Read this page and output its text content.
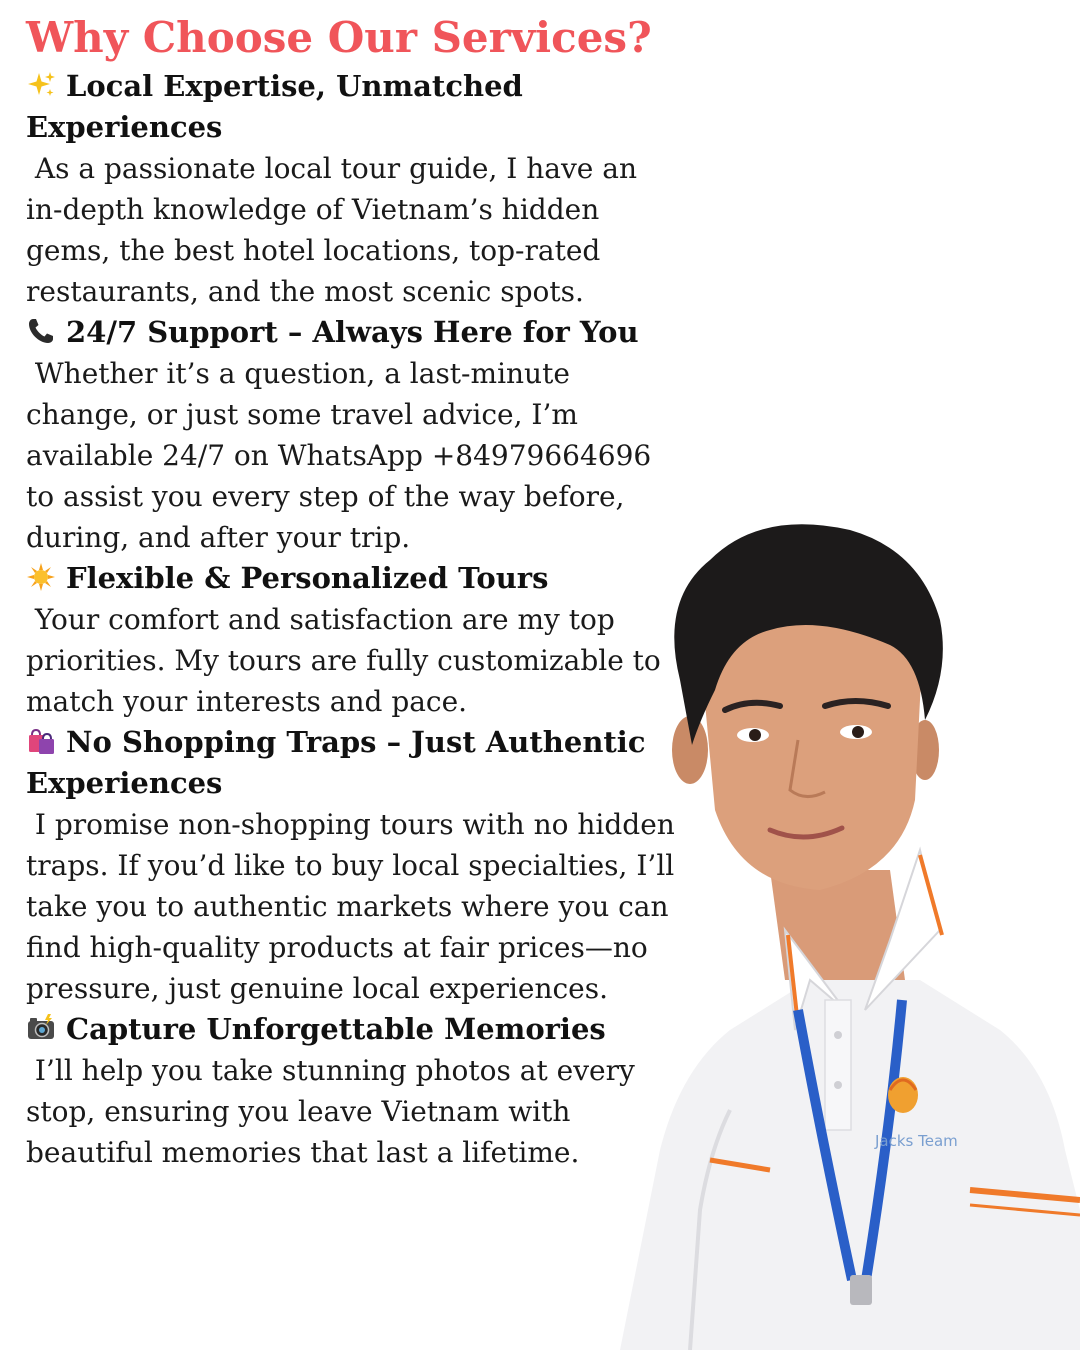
Why Choose Our Services?

Local Expertise, Unmatched Experiences

As a passionate local tour guide, I have an in-depth knowledge of Vietnam’s hidden gems, the best hotel locations, top-rated restaurants, and the most scenic spots.

24/7 Support – Always Here for You

Whether it’s a question, a last-minute change, or just some travel advice, I’m available 24/7 on WhatsApp +84979664696 to assist you every step of the way before, during, and after your trip.

Flexible & Personalized Tours

Your comfort and satisfaction are my top priorities. My tours are fully customizable to match your interests and pace.

No Shopping Traps – Just Authentic Experiences

I promise non-shopping tours with no hidden traps. If you’d like to buy local specialties, I’ll take you to authentic markets where you can find high-quality products at fair prices—no pressure, just genuine local experiences.

Capture Unforgettable Memories

I’ll help you take stunning photos at every stop, ensuring you leave Vietnam with beautiful memories that last a lifetime.	Jacks Team
